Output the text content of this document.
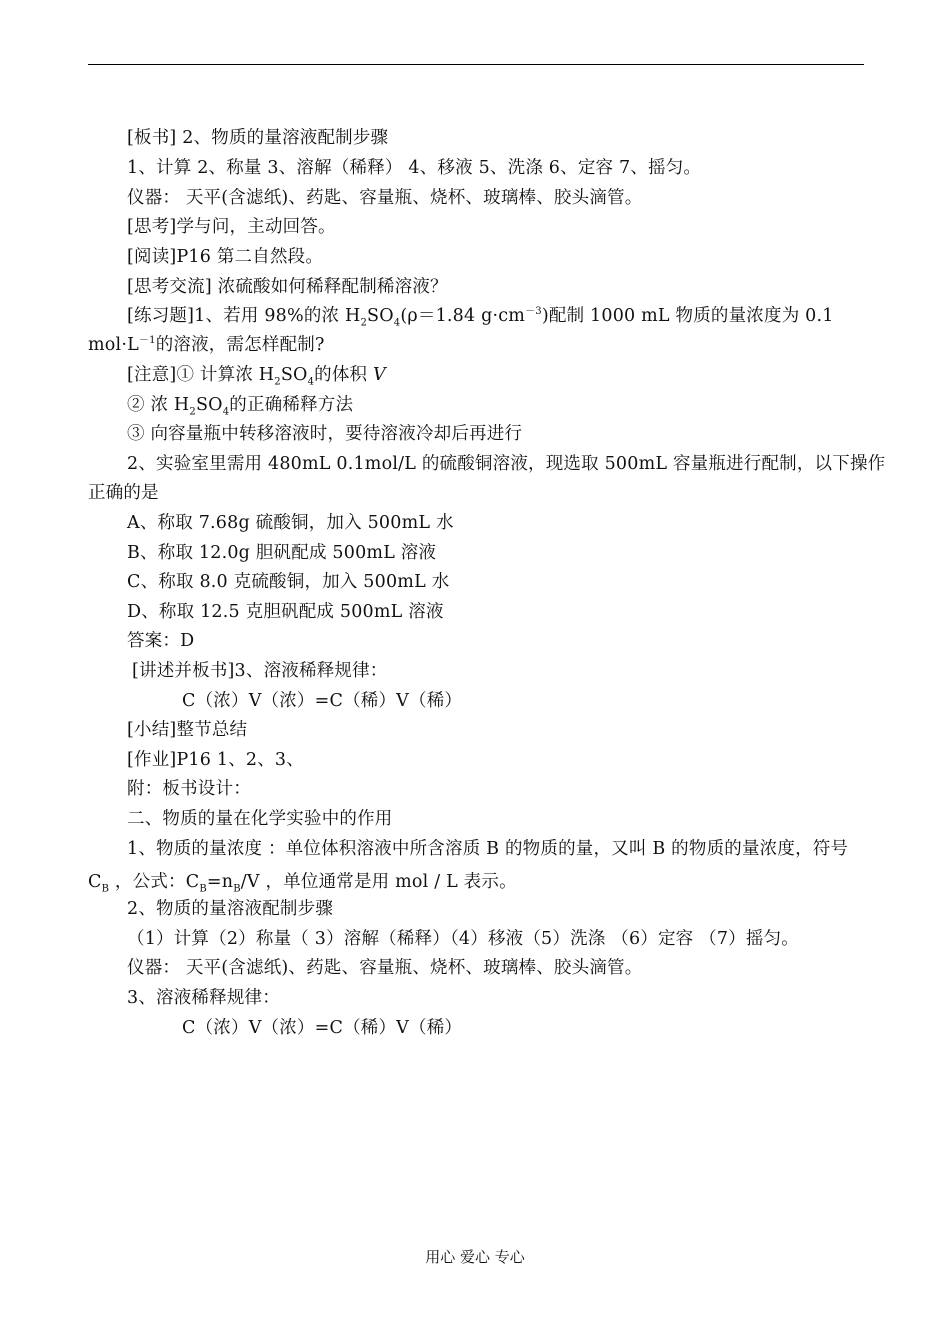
[板书] 2、物质的量溶液配制步骤
1、计算 2、称量 3、溶解（稀释） 4、移液 5、洗涤 6、定容 7、摇匀。
仪器： 天平(含滤纸)、药匙、容量瓶、烧杯、玻璃棒、胶头滴管。
[思考]学与问，主动回答。
[阅读]P16 第二自然段。
[思考交流] 浓硫酸如何稀释配制稀溶液？
[练习题]1、若用 98%的浓 $H_2SO_4(\rho=1.84$ $g\cdot cm^{-3}$)配制 1000 mL 物质的量浓度为 0.1
$mol\cdot L^{-1}$的溶液，需怎样配制?
[注意]① 计算浓 $H_2SO_4$的体积 V
② 浓 $H_2SO_4$的正确稀释方法
③ 向容量瓶中转移溶液时，要待溶液冷却后再进行
2、实验室里需用 480mL 0.1mol/L 的硫酸铜溶液，现选取 500mL 容量瓶进行配制，以下操作
正确的是
A、称取 7.68g 硫酸铜，加入 500mL 水
B、称取 12.0g 胆矾配成 500mL 溶液
C、称取 8.0 克硫酸铜，加入 500mL 水
D、称取 12.5 克胆矾配成 500mL 溶液
答案：D
[讲述并板书]3、溶液稀释规律：
C（浓）V（浓）=C（稀）V（稀）
[小结]整节总结
[作业]P16 1、2、3、
附：板书设计：
二、物质的量在化学实验中的作用
1、物质的量浓度 ：单位体积溶液中所含溶质 B 的物质的量，又叫 B 的物质的量浓度，符号
$C_B$ ，公式：$C_B=n_B/V$ ，单位通常是用 mol / L 表示。
2、物质的量溶液配制步骤
（1）计算（2）称量（ 3）溶解（稀释）（4）移液（5）洗涤 （6）定容 （7）摇匀。
仪器： 天平(含滤纸)、药匙、容量瓶、烧杯、玻璃棒、胶头滴管。
3、溶液稀释规律：
C（浓）V（浓）=C（稀）V（稀）
用心 爱心 专心
